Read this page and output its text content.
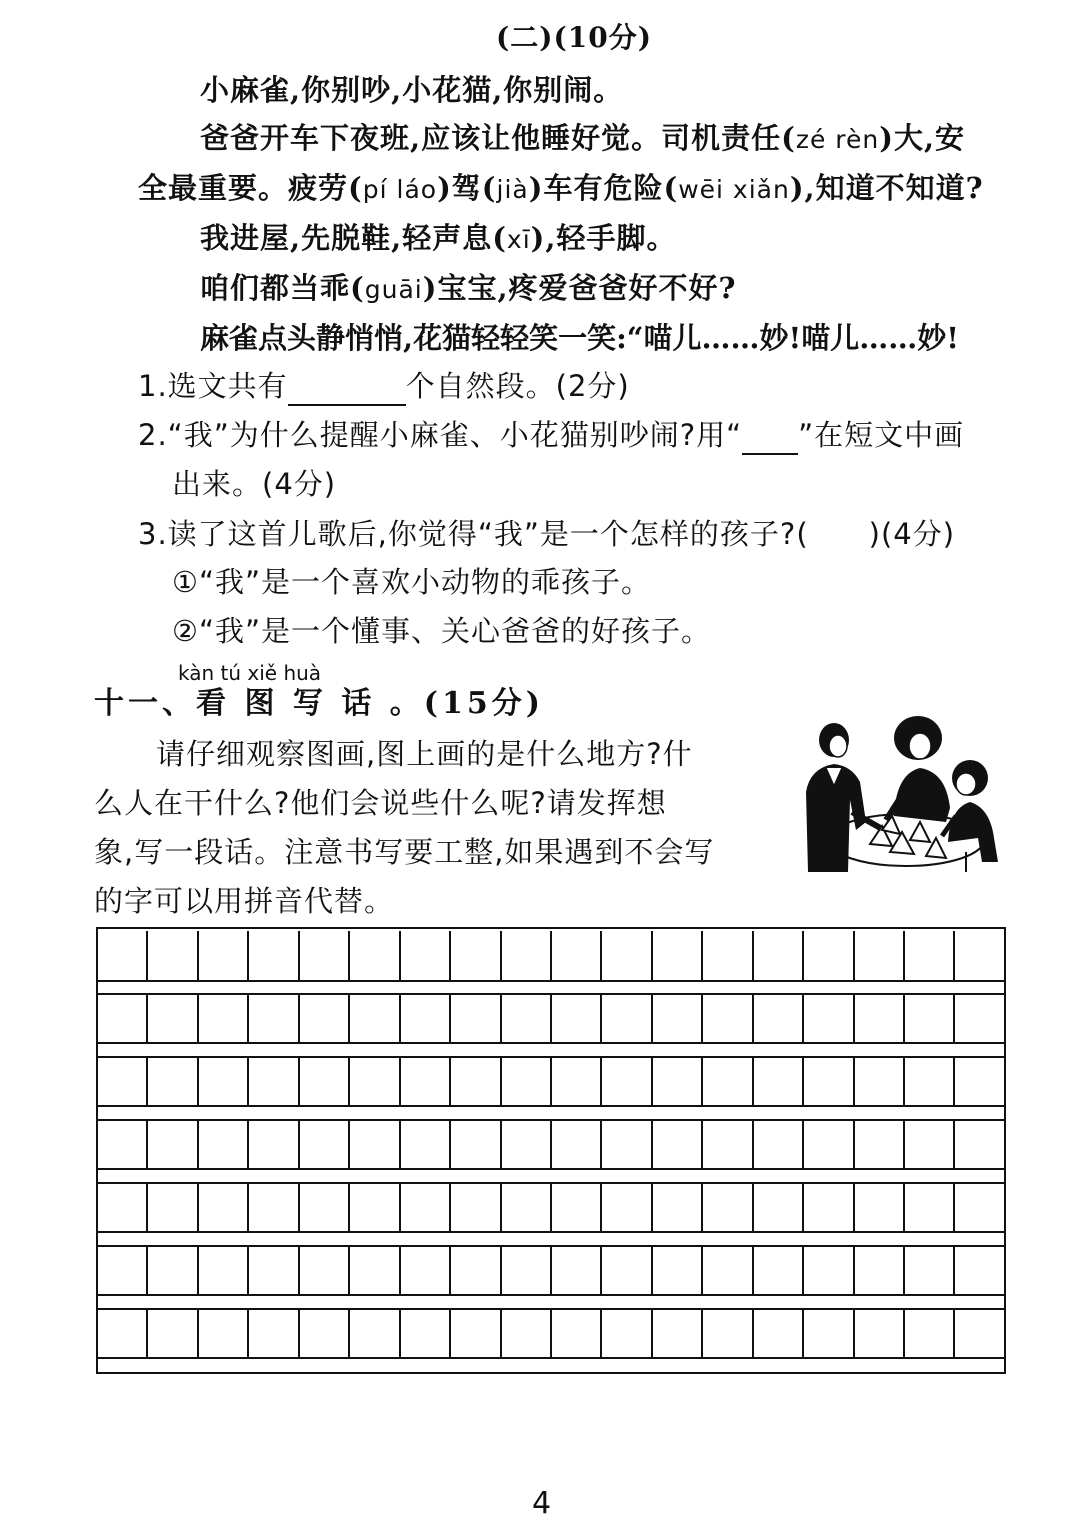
(二)(10分)
小麻雀,你别吵,小花猫,你别闹。
爸爸开车下夜班,应该让他睡好觉。司机责任(zé rèn)大,安
全最重要。疲劳(pí láo)驾(jià)车有危险(wēi xiǎn),知道不知道?
我进屋,先脱鞋,轻声息(xī),轻手脚。
咱们都当乖(guāi)宝宝,疼爱爸爸好不好?
麻雀点头静悄悄,花猫轻轻笑一笑:“喵儿……妙!喵儿……妙!
1.选文共有	个自然段。(2分)
2.“我”为什么提醒小麻雀、小花猫别吵闹?用“ ”在短文中画
出来。(4分)
3.读了这首儿歌后,你觉得“我”是一个怎样的孩子?(　　)(4分)
①“我”是一个喜欢小动物的乖孩子。
②“我”是一个懂事、关心爸爸的好孩子。
kàn tú xiě huà
十一、看 图 写 话 。(15分)
请仔细观察图画,图上画的是什么地方?什
么人在干什么?他们会说些什么呢?请发挥想
象,写一段话。注意书写要工整,如果遇到不会写
的字可以用拼音代替。
4
